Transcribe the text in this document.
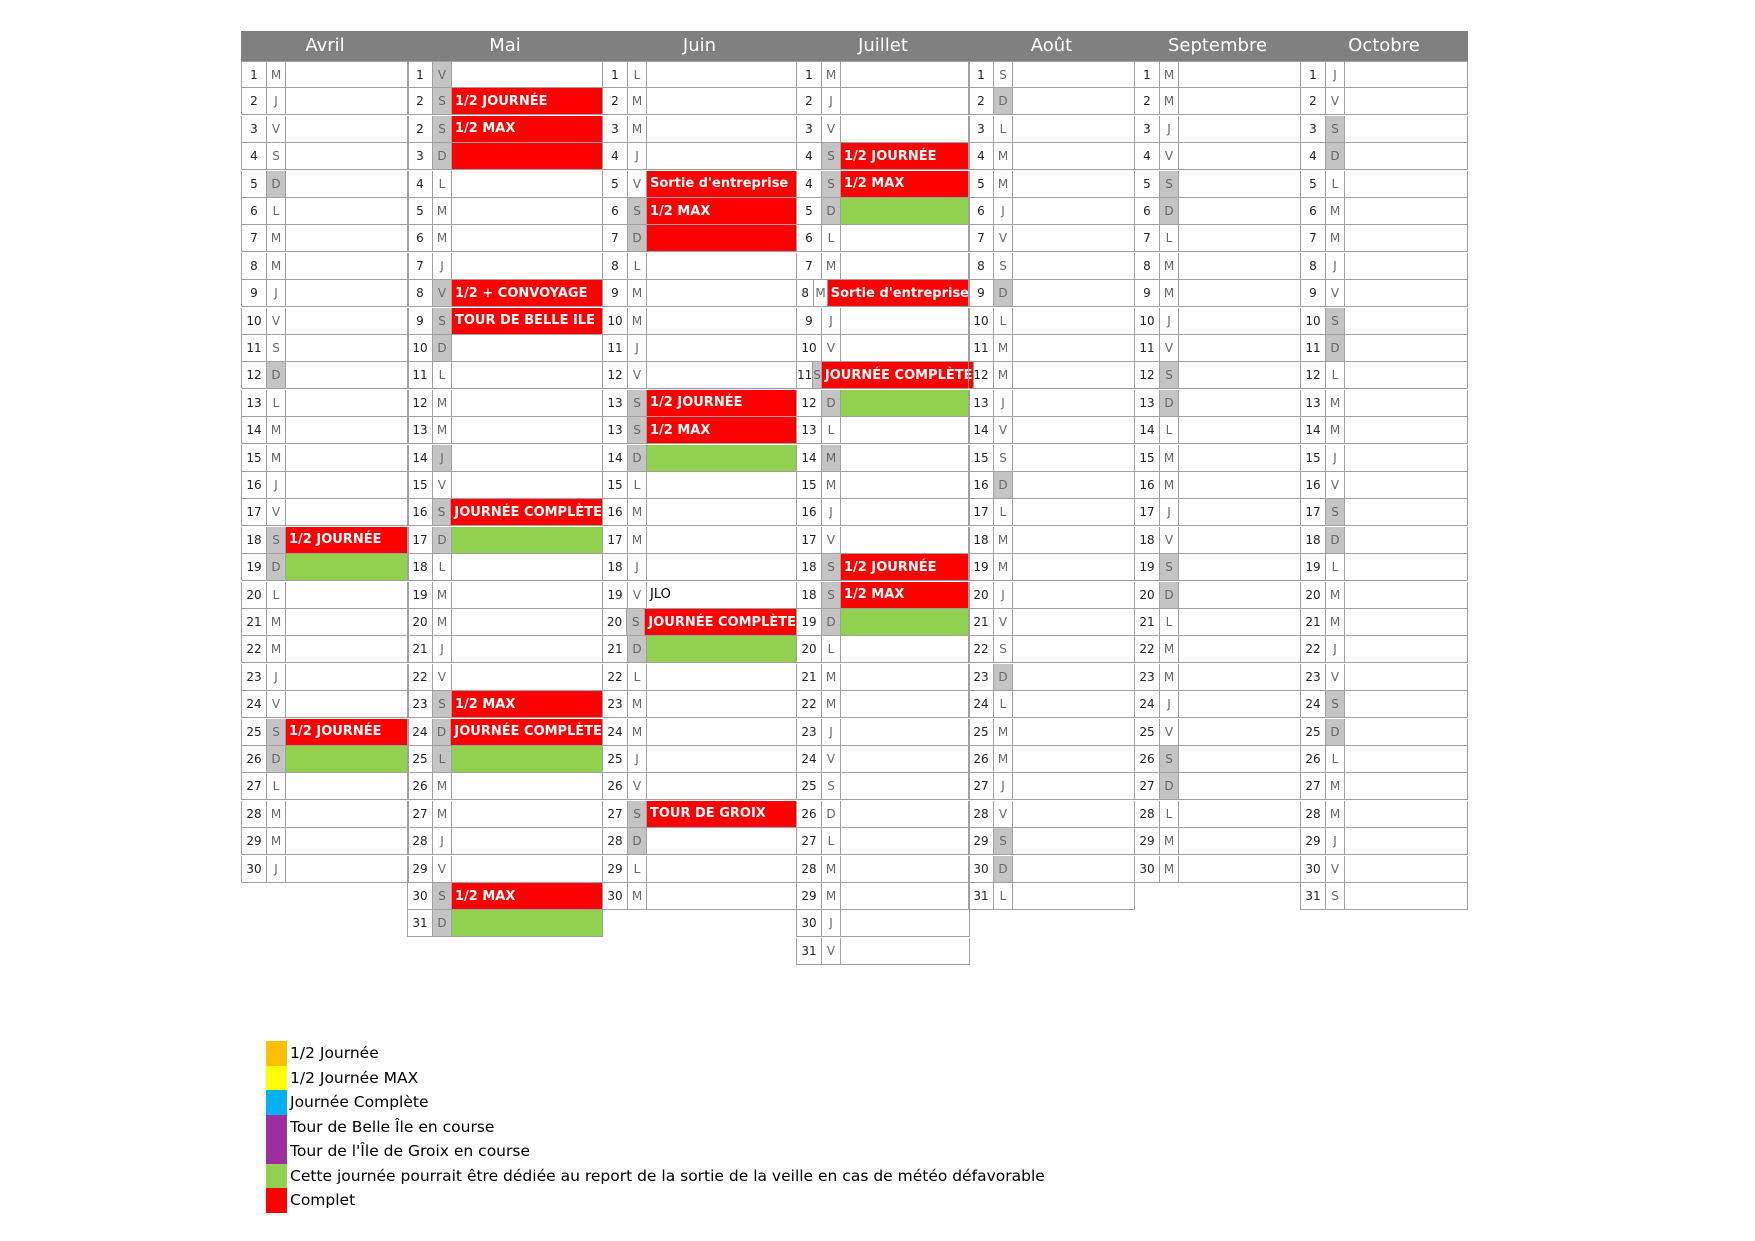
Avril
1	M
2	J
3	V
4	S
5	D
6	L
7	M
8	M
9	J
10 V
11 S
12 D
13 L
14 M
15 M
16	J
17 V
18 S 1/2 JOURNÉE
19 D
20 L
21 M
22 M
23	J
24 V
25 S 1/2 JOURNÉE
26 D
27 L
28 M
29 M
30	J
Mai
1	V
2	S 1/2 JOURNÉE
2	S 1/2 MAX
3	D
4	L
5	M
6	M
7	J
8	V 1/2 + CONVOYAGE
9	S TOUR DE BELLE ILE
10 D
11 L
12 M
13 M
14	J
15 V
16 S JOURNÉE COMPLÈTE
17 D
18 L
19 M
20 M
21	J
22 V
23 S 1/2 MAX
24 D JOURNÉE COMPLÈTE
25 L
26 M
27 M
28	J
29 V
30 S 1/2 MAX
31 D
Juin
1	L
2	M
3	M
4	J
5	V Sortie d'entreprise
6	S 1/2 MAX
7	D
8	L
9	M
10 M
11	J
12 V
13 S 1/2 JOURNÉE
13 S 1/2 MAX
14 D
15 L
16 M
17 M
18	J
19 V JLO
20 S JOURNÉE COMPLÈTE
21 D
22 L
23 M
24 M
25	J
26 V
27 S TOUR DE GROIX
28 D
29 L
30 M
Juillet
1	M
2	J
3	V
4	S 1/2 JOURNÉE
4	S 1/2 MAX
5	D
6	L
7	M
8 M Sortie d'entreprise
9	J
10 V
11 S JOURNÉE COMPLÈTE
12 D
13 L
14 M
15 M
16	J
17 V
18 S 1/2 JOURNÉE
18 S 1/2 MAX
19 D
20 L
21 M
22 M
23	J
24 V
25 S
26 D
27 L
28 M
29 M
30	J
31 V
Août
1	S
2	D
3	L
4	M
5	M
6	J
7	V
8	S
9	D
10 L
11 M
12 M
13	J
14 V
15 S
16 D
17 L
18 M
19 M
20	J
21 V
22 S
23 D
24 L
25 M
26 M
27	J
28 V
29 S
30 D
31 L
Septembre
1	M
2	M
3	J
4	V
5	S
6	D
7	L
8	M
9	M
10	J
11 V
12 S
13 D
14 L
15 M
16 M
17	J
18 V
19 S
20 D
21 L
22 M
23 M
24	J
25 V
26 S
27 D
28 L
29 M
30 M
Octobre
1	J
2	V
3	S
4	D
5	L
6	M
7	M
8	J
9	V
10 S
11 D
12 L
13 M
14 M
15	J
16 V
17 S
18 D
19 L
20 M
21 M
22	J
23 V
24 S
25 D
26 L
27 M
28 M
29	J
30 V
31 S
1/2 Journée
1/2 Journée MAX
Journée Complète
Tour de Belle Île en course
Tour de l'Île de Groix en course
Cette journée pourrait être dédiée au report de la sortie de la veille en cas de météo défavorable
Complet
